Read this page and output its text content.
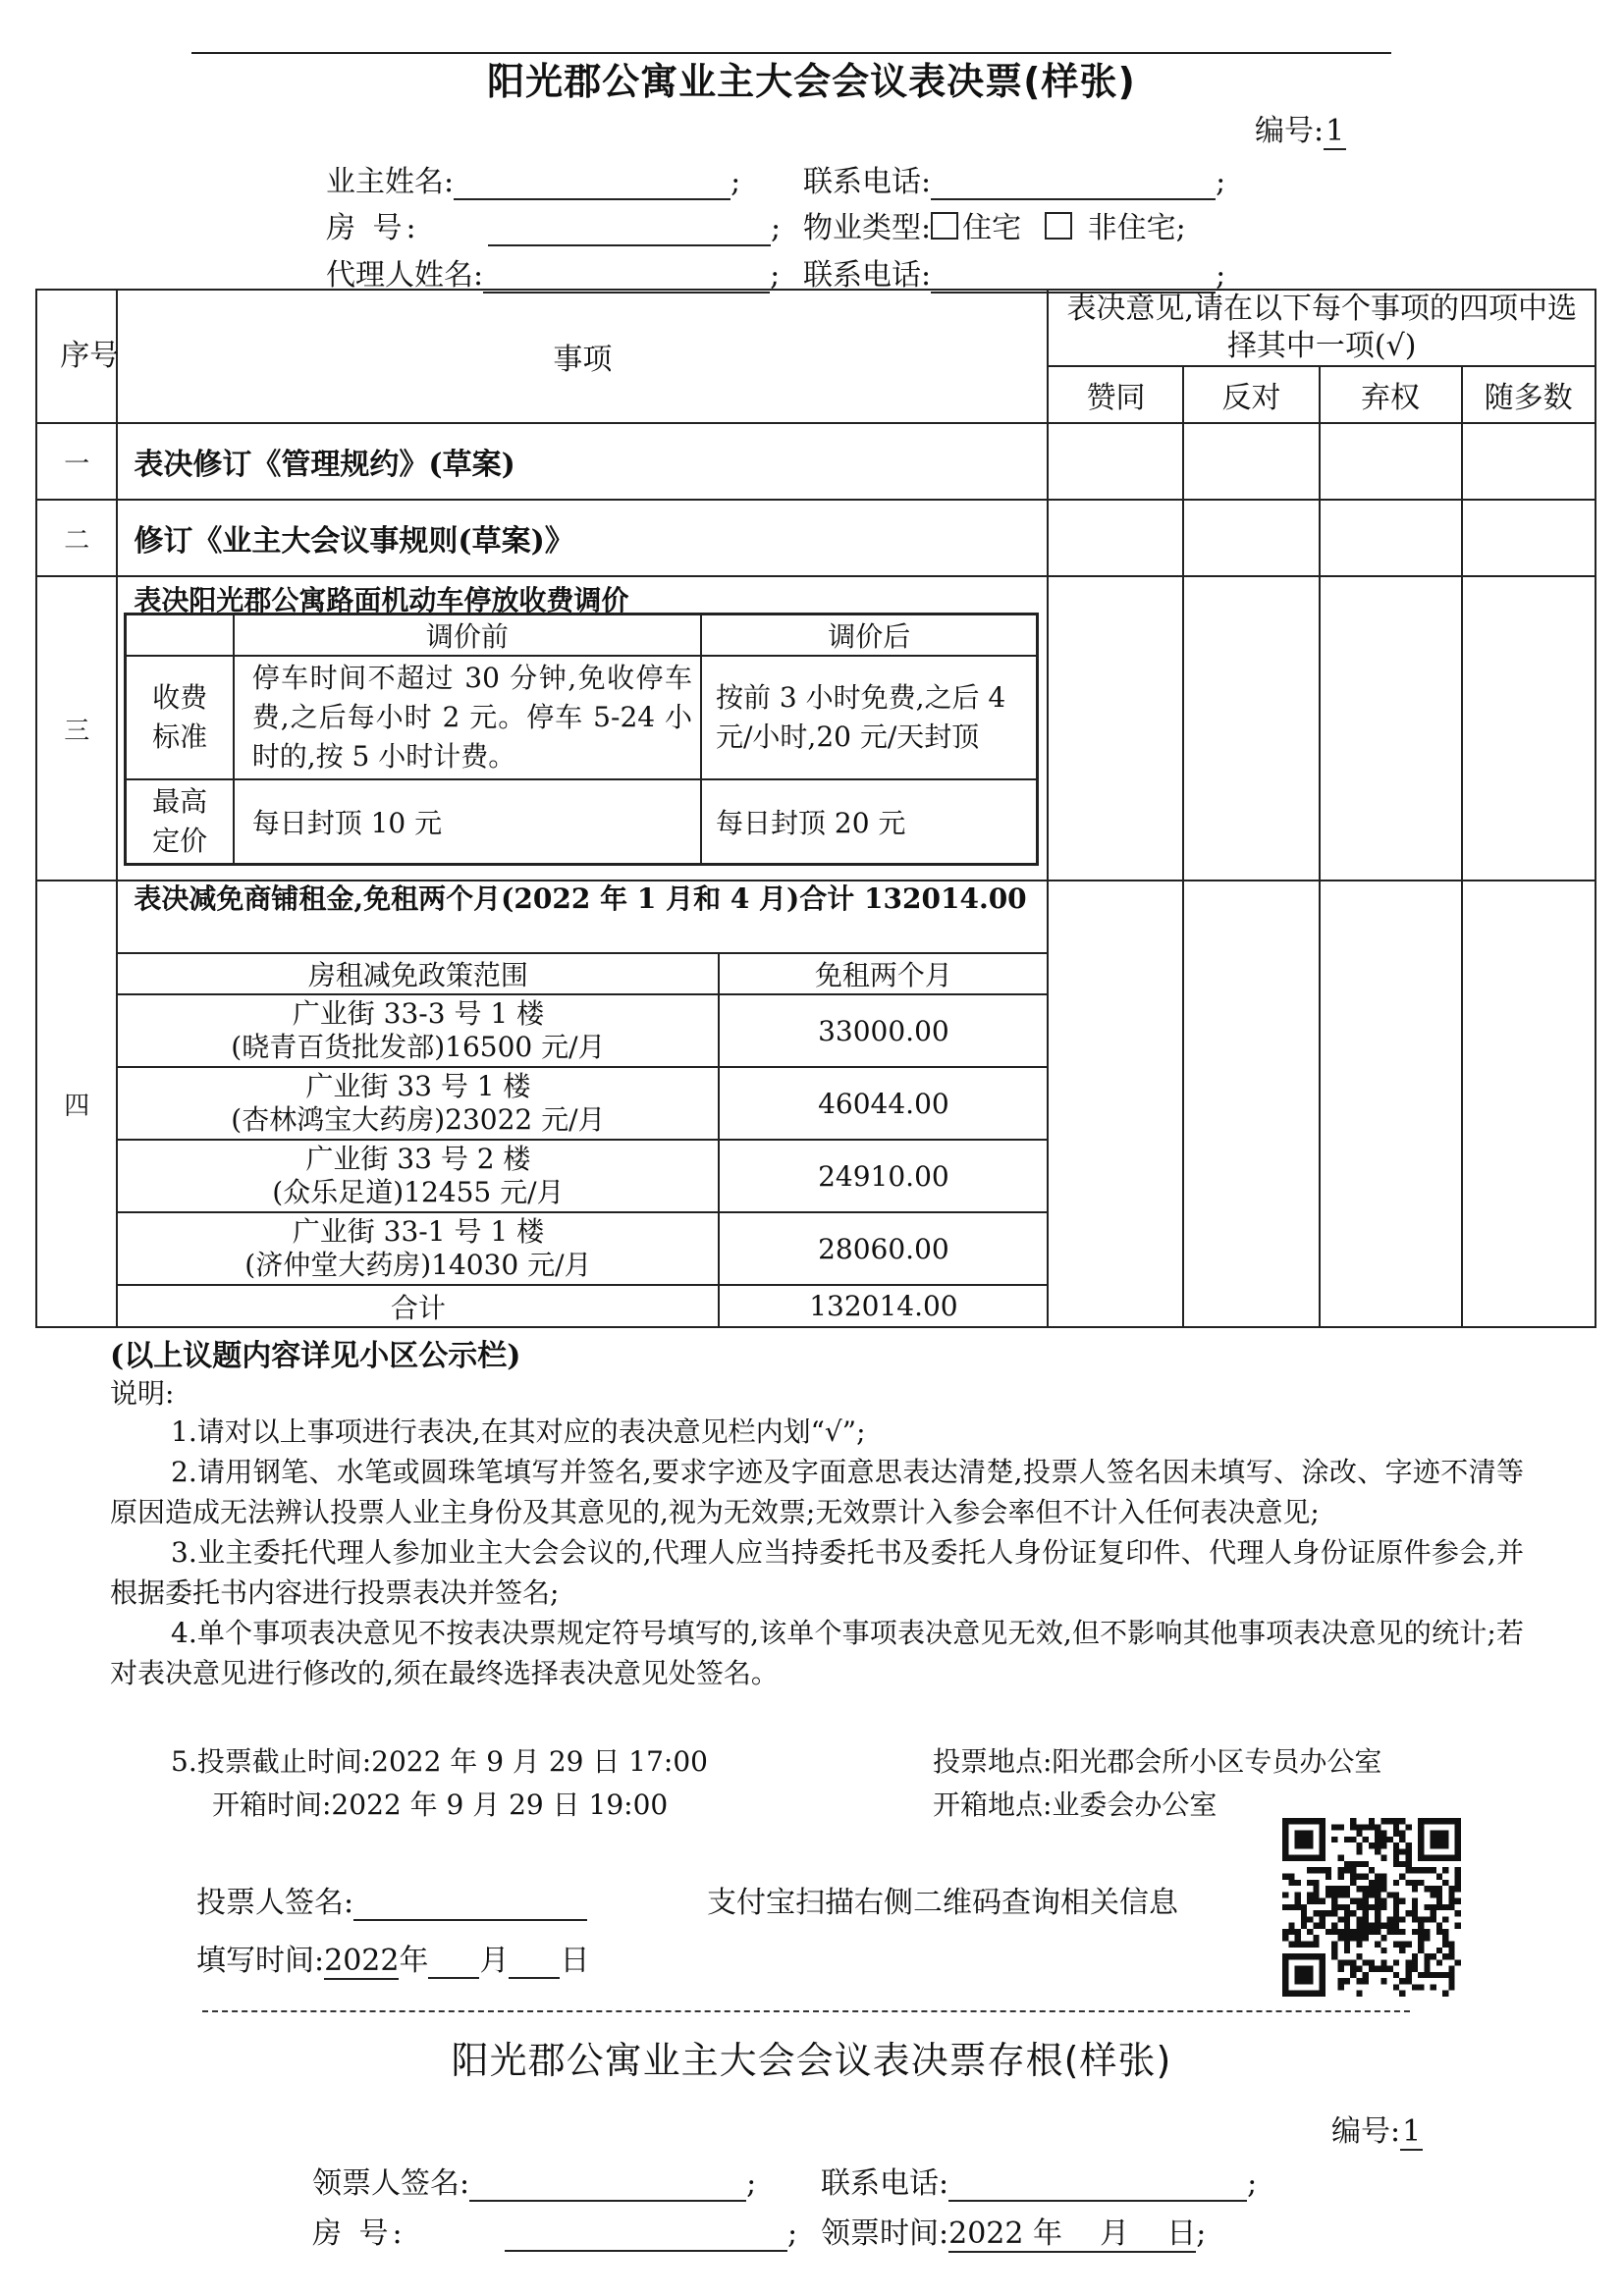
阳光郡公寓业主大会会议表决票(样张)
编号:1
业主姓名:	; 联系电话:	;
房 号:	; 物业类型: 住宅 非住宅;
代理人姓名:	; 联系电话:	;
序号	事项	表决意见,请在以下每个事项的四项中选择其中一项(√)
赞同	反对	弃权	随多数
一	表决修订《管理规约》(草案)				
二	修订《业主大会议事规则(草案)》				
三	
表决阳光郡公寓路面机动车停放收费调价
	调价前	调价后
收费标准	停车时间不超过 30 分钟,免收停车费,之后每小时 2 元。停车 5-24 小时的,按 5 小时计费。	按前 3 小时免费,之后 4 元/小时,20 元/天封顶
最高定价	每日封顶 10 元	每日封顶 20 元

四	
表决减免商铺租金,免租两个月(2022 年 1 月和 4 月)合计 132014.00
房租减免政策范围	免租两个月

广业街 33-3 号 1 楼
(晓青百货批发部)16500 元/月	33000.00

广业街 33 号 1 楼
(杏林鸿宝大药房)23022 元/月	46044.00

广业街 33 号 2 楼
(众乐足道)12455 元/月	24910.00

广业街 33-1 号 1 楼
(济仲堂大药房)14030 元/月	28060.00
合计	132014.00

(以上议题内容详见小区公示栏)
说明:
1.请对以上事项进行表决,在其对应的表决意见栏内划“√”;
2.请用钢笔、水笔或圆珠笔填写并签名,要求字迹及字面意思表达清楚,投票人签名因未填写、涂改、字迹不清等原因造成无法辨认投票人业主身份及其意见的,视为无效票;无效票计入参会率但不计入任何表决意见;
3.业主委托代理人参加业主大会会议的,代理人应当持委托书及委托人身份证复印件、代理人身份证原件参会,并根据委托书内容进行投票表决并签名;
4.单个事项表决意见不按表决票规定符号填写的,该单个事项表决意见无效,但不影响其他事项表决意见的统计;若对表决意见进行修改的,须在最终选择表决意见处签名。
5.投票截止时间:2022 年 9 月 29 日 17:00	投票地点:阳光郡会所小区专员办公室
开箱时间:2022 年 9 月 29 日 19:00	开箱地点:业委会办公室
投票人签名:	支付宝扫描右侧二维码查询相关信息
填写时间:2022年 月 日
阳光郡公寓业主大会会议表决票存根(样张)
编号:1
领票人签名:	; 联系电话:	;
房 号:	; 领票时间:2022 年    月    日;
